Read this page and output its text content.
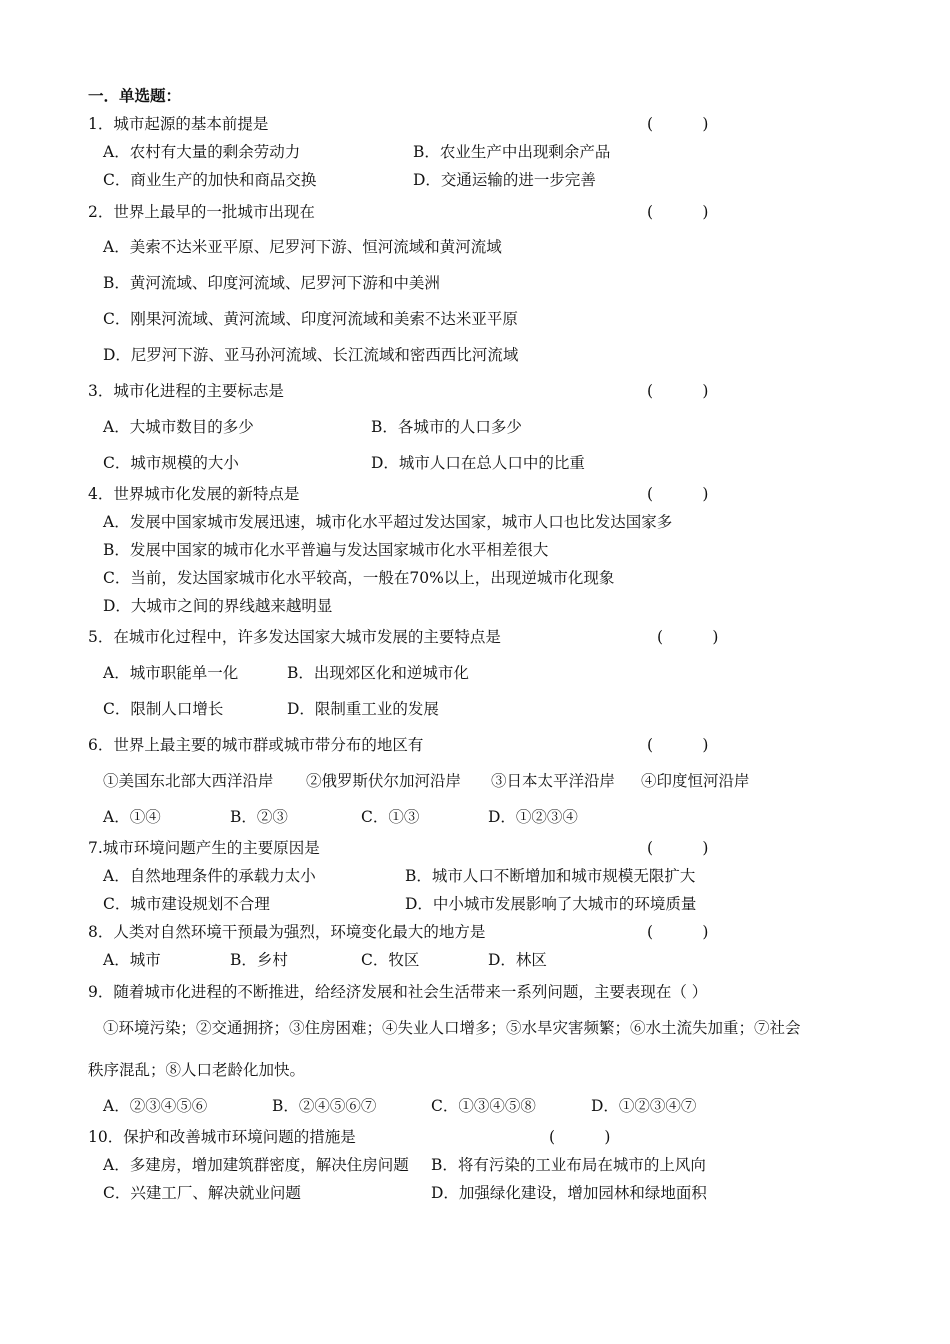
一．单选题：
1．城市起源的基本前提是	(          )
A．农村有大量的剩余劳动力	B．农业生产中出现剩余产品
C．商业生产的加快和商品交换	D．交通运输的进一步完善
2．世界上最早的一批城市出现在	(          )
A．美索不达米亚平原、尼罗河下游、恒河流域和黄河流域
B．黄河流域、印度河流域、尼罗河下游和中美洲
C．刚果河流域、黄河流域、印度河流域和美索不达米亚平原
D．尼罗河下游、亚马孙河流域、长江流域和密西西比河流域
3．城市化进程的主要标志是	(          )
A．大城市数目的多少	B．各城市的人口多少
C．城市规模的大小	D．城市人口在总人口中的比重
4．世界城市化发展的新特点是	(          )
A．发展中国家城市发展迅速，城市化水平超过发达国家，城市人口也比发达国家多
B．发展中国家的城市化水平普遍与发达国家城市化水平相差很大
C．当前，发达国家城市化水平较高，一般在70%以上，出现逆城市化现象
D．大城市之间的界线越来越明显
5．在城市化过程中，许多发达国家大城市发展的主要特点是	(          )
A．城市职能单一化	B．出现郊区化和逆城市化
C．限制人口增长	D．限制重工业的发展
6．世界上最主要的城市群或城市带分布的地区有	(          )
①美国东北部大西洋沿岸 ②俄罗斯伏尔加河沿岸 ③日本太平洋沿岸 ④印度恒河沿岸
A．①④	B．②③	C．①③	D．①②③④
7.城市环境问题产生的主要原因是	(          )
A．自然地理条件的承载力太小	B．城市人口不断增加和城市规模无限扩大
C．城市建设规划不合理	D．中小城市发展影响了大城市的环境质量
8．人类对自然环境干预最为强烈，环境变化最大的地方是	(          )
A．城市	B．乡村	C．牧区	D．林区
9．随着城市化进程的不断推进，给经济发展和社会生活带来一系列问题，主要表现在（ ）
①环境污染；②交通拥挤；③住房困难；④失业人口增多；⑤水旱灾害频繁；⑥水土流失加重；⑦社会
秩序混乱；⑧人口老龄化加快。
A．②③④⑤⑥	B．②④⑤⑥⑦	C．①③④⑤⑧	D．①②③④⑦
10．保护和改善城市环境问题的措施是	(          )
A．多建房，增加建筑群密度，解决住房问题 B．将有污染的工业布局在城市的上风向
C．兴建工厂、解决就业问题	D．加强绿化建设，增加园林和绿地面积
